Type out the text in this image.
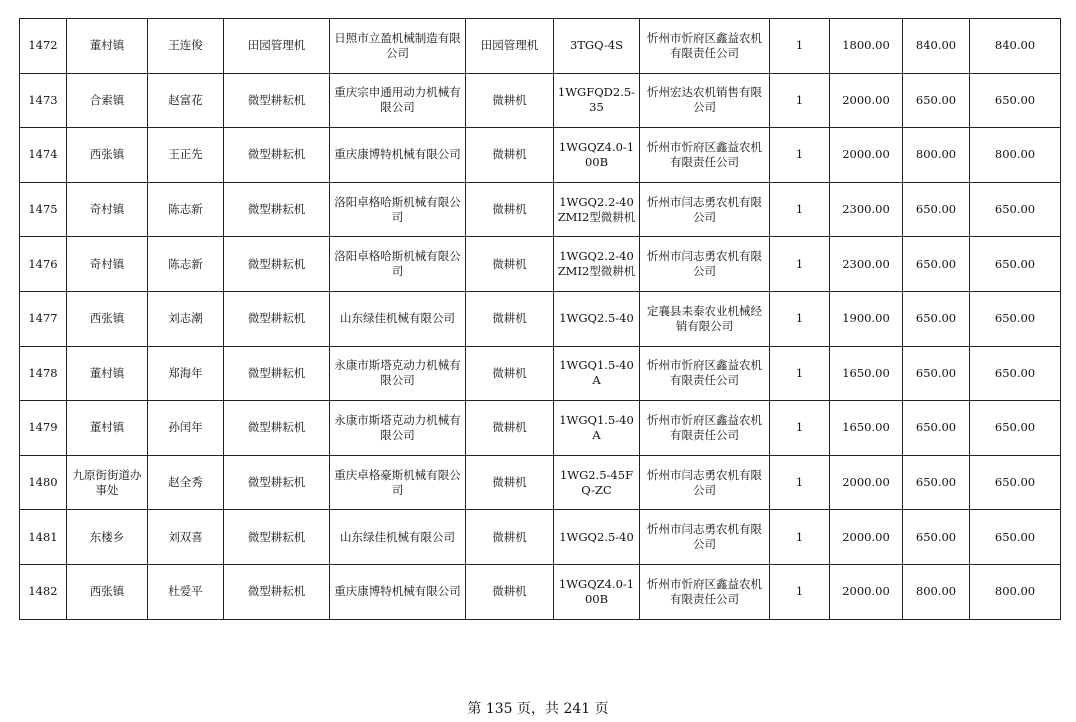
1472	董村镇	王连俊	田园管理机	日照市立盈机械制造有限公司	田园管理机	3TGQ-4S	忻州市忻府区鑫益农机有限责任公司	1	1800.00	840.00	840.00
1473	合索镇	赵富花	微型耕耘机	重庆宗申通用动力机械有限公司	微耕机	1WGFQD2.5-35	忻州宏达农机销售有限公司	1	2000.00	650.00	650.00
1474	西张镇	王正先	微型耕耘机	重庆康博特机械有限公司	微耕机	1WGQZ4.0-100B	忻州市忻府区鑫益农机有限责任公司	1	2000.00	800.00	800.00
1475	奇村镇	陈志新	微型耕耘机	洛阳卓格哈斯机械有限公司	微耕机	1WGQ2.2-40ZMI2型微耕机	忻州市闫志勇农机有限公司	1	2300.00	650.00	650.00
1476	奇村镇	陈志新	微型耕耘机	洛阳卓格哈斯机械有限公司	微耕机	1WGQ2.2-40ZMI2型微耕机	忻州市闫志勇农机有限公司	1	2300.00	650.00	650.00
1477	西张镇	刘志潮	微型耕耘机	山东绿佳机械有限公司	微耕机	1WGQ2.5-40	定襄县耒泰农业机械经销有限公司	1	1900.00	650.00	650.00
1478	董村镇	郑海年	微型耕耘机	永康市斯塔克动力机械有限公司	微耕机	1WGQ1.5-40A	忻州市忻府区鑫益农机有限责任公司	1	1650.00	650.00	650.00
1479	董村镇	孙闰年	微型耕耘机	永康市斯塔克动力机械有限公司	微耕机	1WGQ1.5-40A	忻州市忻府区鑫益农机有限责任公司	1	1650.00	650.00	650.00
1480	九原街街道办事处	赵全秀	微型耕耘机	重庆卓格豪斯机械有限公司	微耕机	1WG2.5-45FQ-ZC	忻州市闫志勇农机有限公司	1	2000.00	650.00	650.00
1481	东楼乡	刘双喜	微型耕耘机	山东绿佳机械有限公司	微耕机	1WGQ2.5-40	忻州市闫志勇农机有限公司	1	2000.00	650.00	650.00
1482	西张镇	杜爱平	微型耕耘机	重庆康博特机械有限公司	微耕机	1WGQZ4.0-100B	忻州市忻府区鑫益农机有限责任公司	1	2000.00	800.00	800.00
第 135 页，共 241 页
